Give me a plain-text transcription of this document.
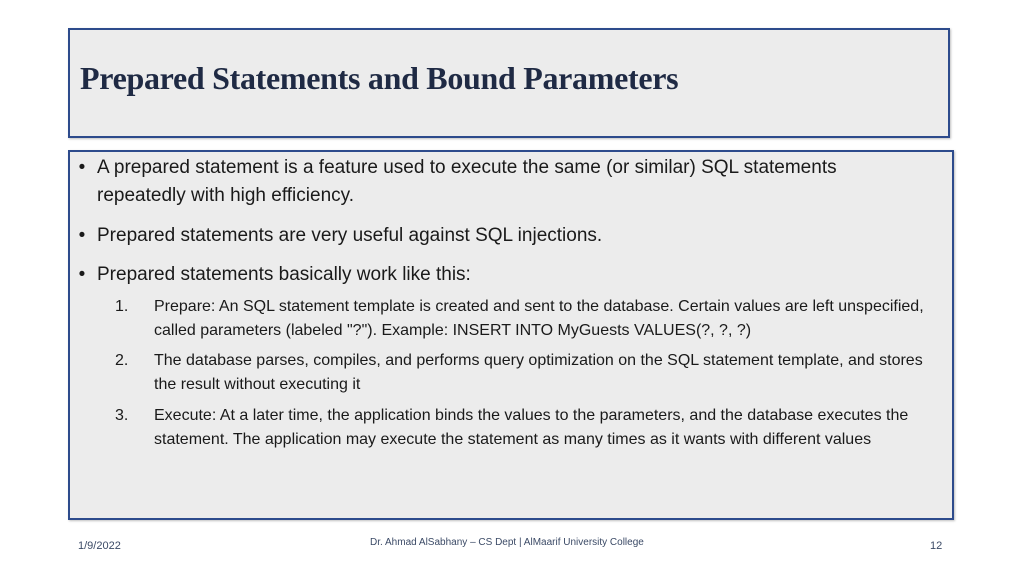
Prepared Statements and Bound Parameters
• A prepared statement is a feature used to execute the same (or similar) SQL statements repeatedly with high efficiency.
• Prepared statements are very useful against SQL injections.
• Prepared statements basically work like this:
1. Prepare: An SQL statement template is created and sent to the database. Certain values are left unspecified, called parameters (labeled "?"). Example: INSERT INTO MyGuests VALUES(?, ?, ?)
2. The database parses, compiles, and performs query optimization on the SQL statement template, and stores the result without executing it
3. Execute: At a later time, the application binds the values to the parameters, and the database executes the statement. The application may execute the statement as many times as it wants with different values
1/9/2022	Dr. Ahmad AlSabhany – CS Dept | AlMaarif University College	12
